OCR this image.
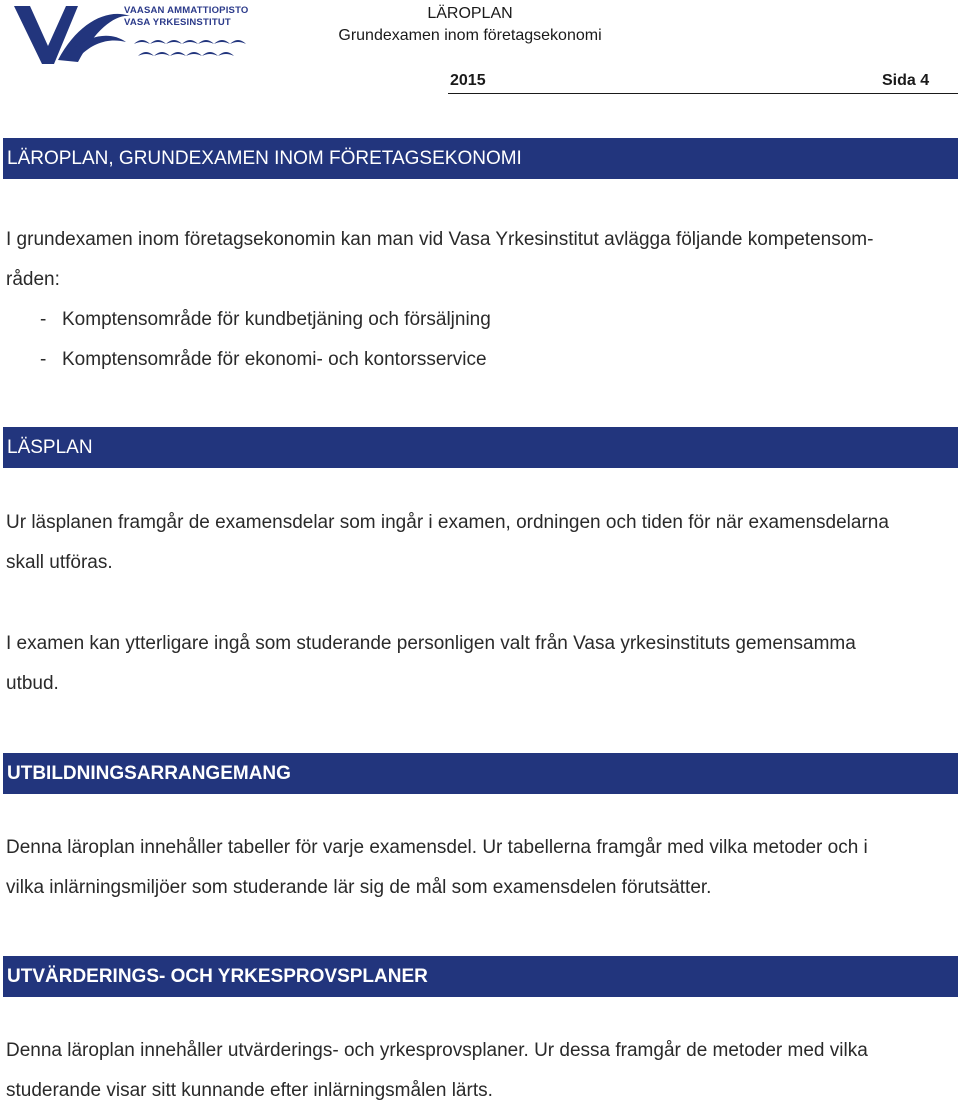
VAASAN AMMATTIOPISTO
VASA YRKESINSTITUT
LÄROPLAN
Grundexamen inom företagsekonomi
2015	Sida 4
LÄROPLAN, GRUNDEXAMEN INOM FÖRETAGSEKONOMI
I grundexamen inom företagsekonomin kan man vid Vasa Yrkesinstitut avlägga följande kompetensom-
råden:
- Komptensområde för kundbetjäning och försäljning
- Komptensområde för ekonomi- och kontorsservice
LÄSPLAN
Ur läsplanen framgår de examensdelar som ingår i examen, ordningen och tiden för när examensdelarna
skall utföras.
I examen kan ytterligare ingå som studerande personligen valt från Vasa yrkesinstituts gemensamma
utbud.
UTBILDNINGSARRANGEMANG
Denna läroplan innehåller tabeller för varje examensdel. Ur tabellerna framgår med vilka metoder och i
vilka inlärningsmiljöer som studerande lär sig de mål som examensdelen förutsätter.
UTVÄRDERINGS- OCH YRKESPROVSPLANER
Denna läroplan innehåller utvärderings- och yrkesprovsplaner. Ur dessa framgår de metoder med vilka
studerande visar sitt kunnande efter inlärningsmålen lärts.
